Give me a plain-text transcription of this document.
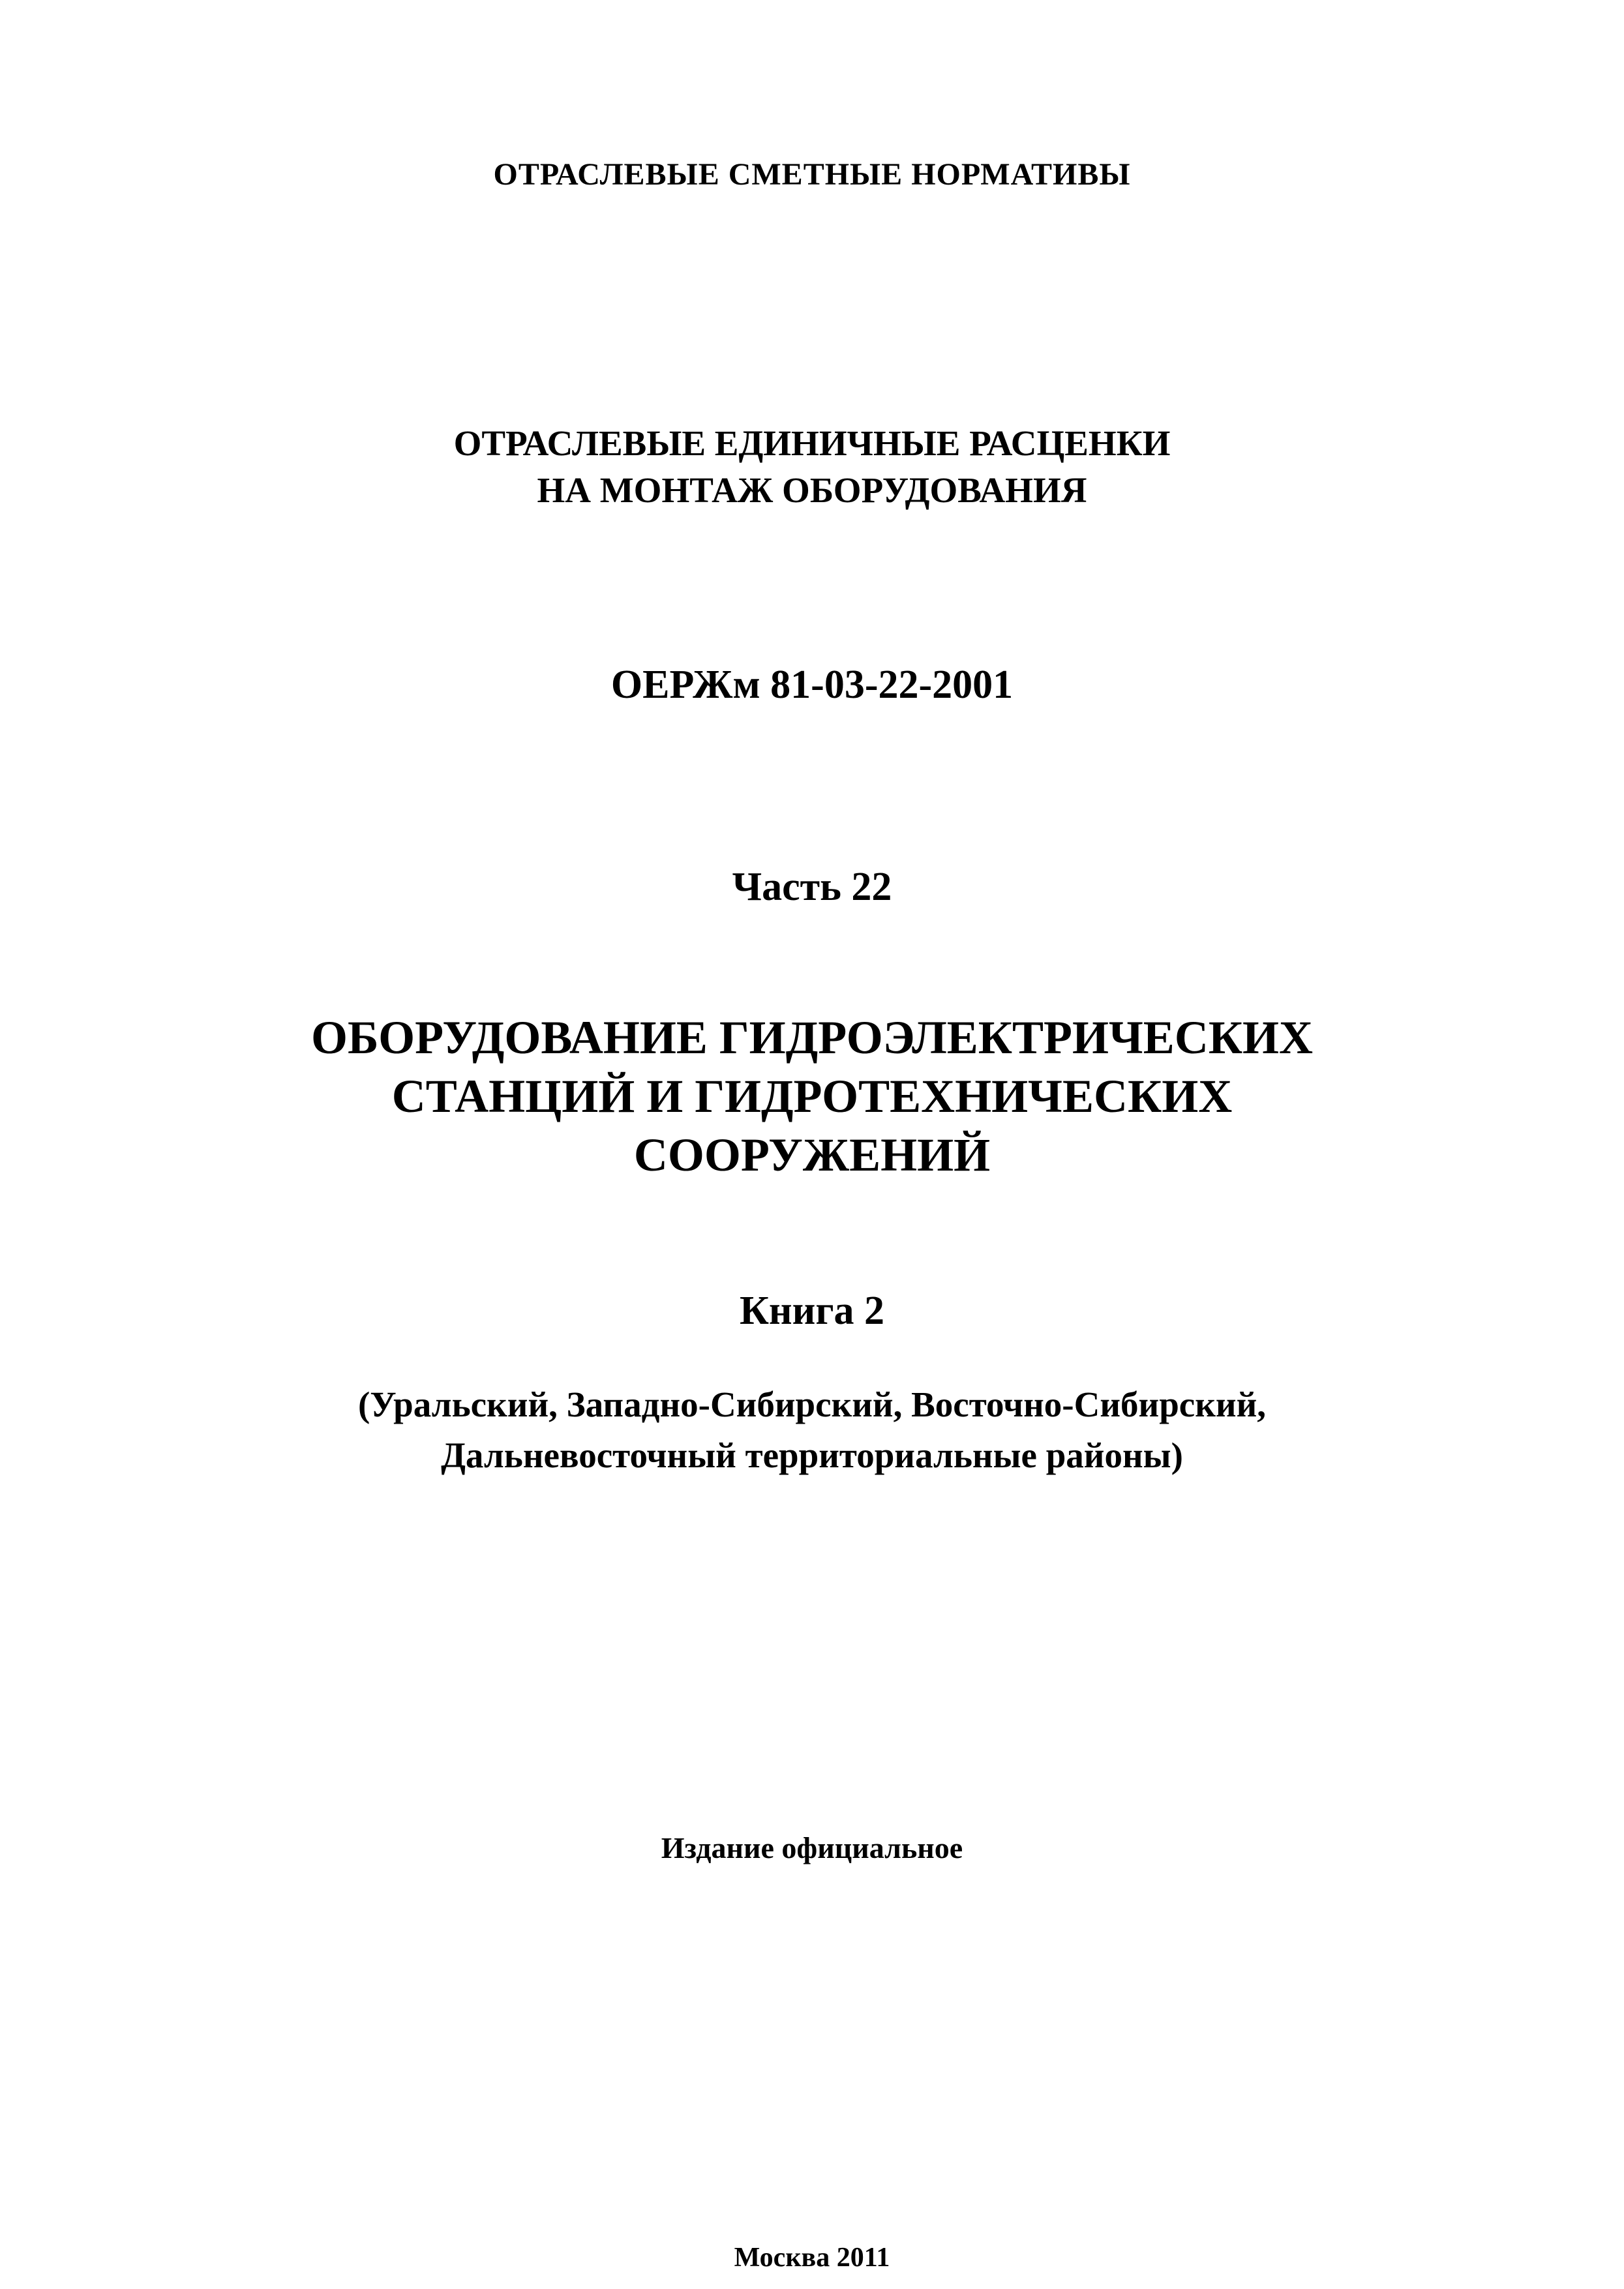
ОТРАСЛЕВЫЕ СМЕТНЫЕ НОРМАТИВЫ
ОТРАСЛЕВЫЕ ЕДИНИЧНЫЕ РАСЦЕНКИ
НА МОНТАЖ ОБОРУДОВАНИЯ
ОЕРЖм 81-03-22-2001
Часть 22
ОБОРУДОВАНИЕ ГИДРОЭЛЕКТРИЧЕСКИХ
СТАНЦИЙ И ГИДРОТЕХНИЧЕСКИХ
СООРУЖЕНИЙ
Книга 2
(Уральский, Западно-Сибирский, Восточно-Сибирский,
Дальневосточный территориальные районы)
Издание официальное
Москва 2011
